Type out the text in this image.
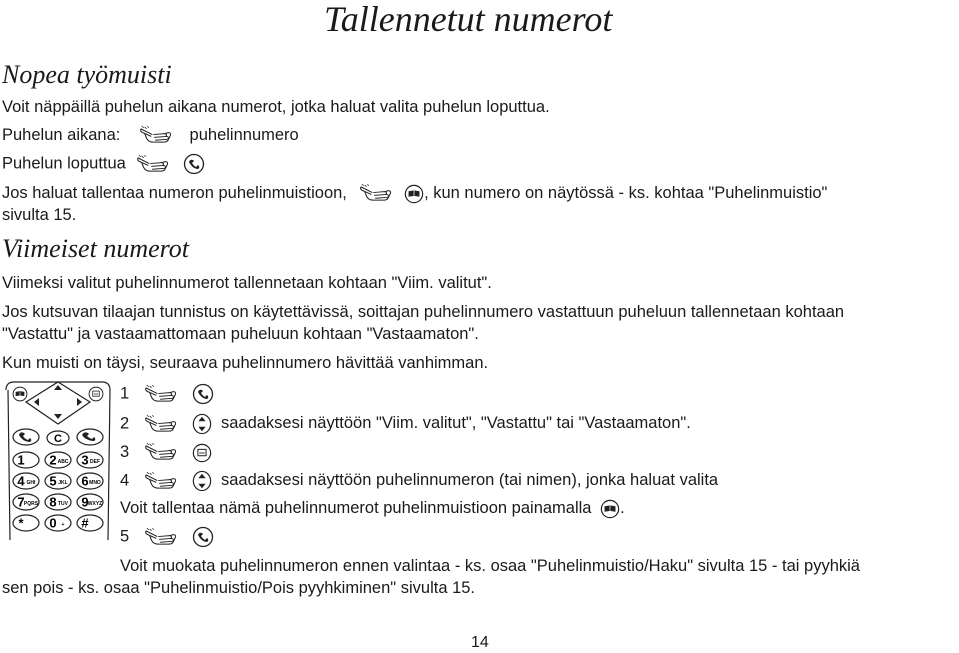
Tallennetut numerot
Nopea työmuisti
Voit näppäillä puhelun aikana numerot, jotka haluat valita puhelun loputtua.
Puhelun aikana:	puhelinnumero
Puhelun loputtua

Jos haluat tallentaa numeron puhelinmuistioon,
	, kun numero on näytössä - ks. kohtaa "Puhelinmuistio"
sivulta 15.
Viimeiset numerot
Viimeksi valitut puhelinnumerot tallennetaan kohtaan "Viim. valitut".
Jos kutsuvan tilaajan tunnistus on käytettävissä, soittajan puhelinnumero vastattuun puheluun tallennetaan kohtaan
"Vastattu" ja vastaamattomaan puheluun kohtaan "Vastaamaton".
Kun muisti on täysi, seuraava puhelinnumero hävittää vanhimman.
C
1 2 ABC 3 DEF
4 GHI 5 JKL 6 MNO
7 PQRS 8 TUV 9 WXYZ
* 0 + #
1

2
	saadaksesi näyttöön "Viim. valitut", "Vastattu" tai "Vastaamaton".
3

4
	saadaksesi näyttöön puhelinnumeron (tai nimen), jonka haluat valita
Voit tallentaa nämä puhelinnumerot puhelinmuistioon painamalla .
5

Voit muokata puhelinnumeron ennen valintaa - ks. osaa "Puhelinmuistio/Haku" sivulta 15 - tai pyyhkiä
sen pois - ks. osaa "Puhelinmuistio/Pois pyyhkiminen" sivulta 15.
14
